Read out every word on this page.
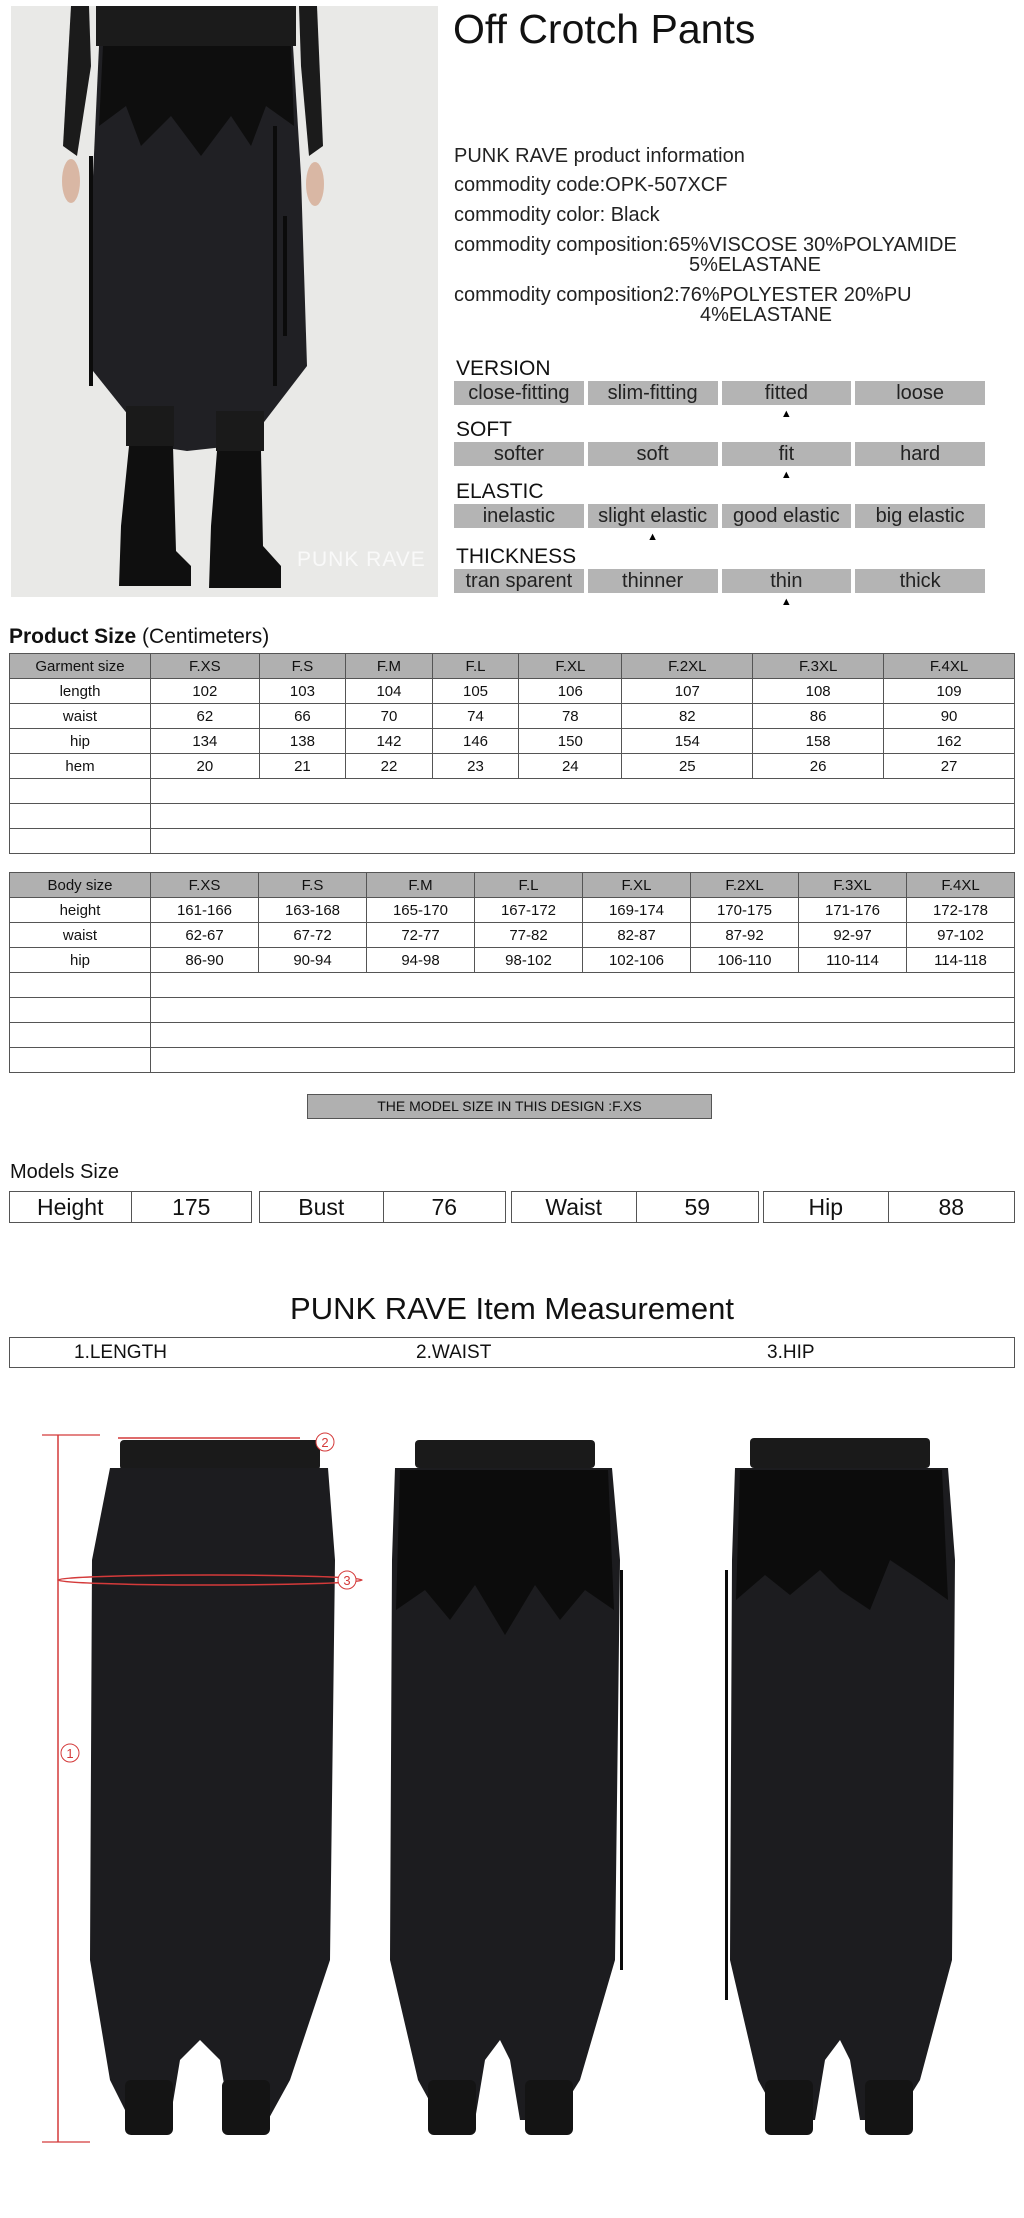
PUNK RAVE
Off Crotch Pants
PUNK RAVE product information
commodity code:OPK-507XCF
commodity color: Black
commodity composition:65%VISCOSE 30%POLYAMIDE
5%ELASTANE
commodity composition2:76%POLYESTER 20%PU
4%ELASTANE
VERSION
close-fitting	slim-fitting	fitted
▲
loose
SOFT
softer	soft	fit
▲
hard
ELASTIC
inelastic	slight elastic
▲
good elastic	big elastic
THICKNESS
tran sparent	thinner	thin
▲
thick
Product Size (Centimeters)
Garment size	F.XS	F.S	F.M	F.L	F.XL	F.2XL	F.3XL	F.4XL
length	102	103	104	105	106	107	108	109
waist	62	66	70	74	78	82	86	90
hip	134	138	142	146	150	154	158	162
hem	20	21	22	23	24	25	26	27

Body size	F.XS	F.S	F.M	F.L	F.XL	F.2XL	F.3XL	F.4XL
height	161-166	163-168	165-170	167-172	169-174	170-175	171-176	172-178
waist	62-67	67-72	72-77	77-82	82-87	87-92	92-97	97-102
hip	86-90	90-94	94-98	98-102	102-106	106-110	110-114	114-118

THE MODEL SIZE IN THIS DESIGN :F.XS
Models Size
Height	175	Bust	76	Waist	59	Hip	88
PUNK RAVE Item Measurement
1.LENGTH	2.WAIST	3.HIP
1
2
3
